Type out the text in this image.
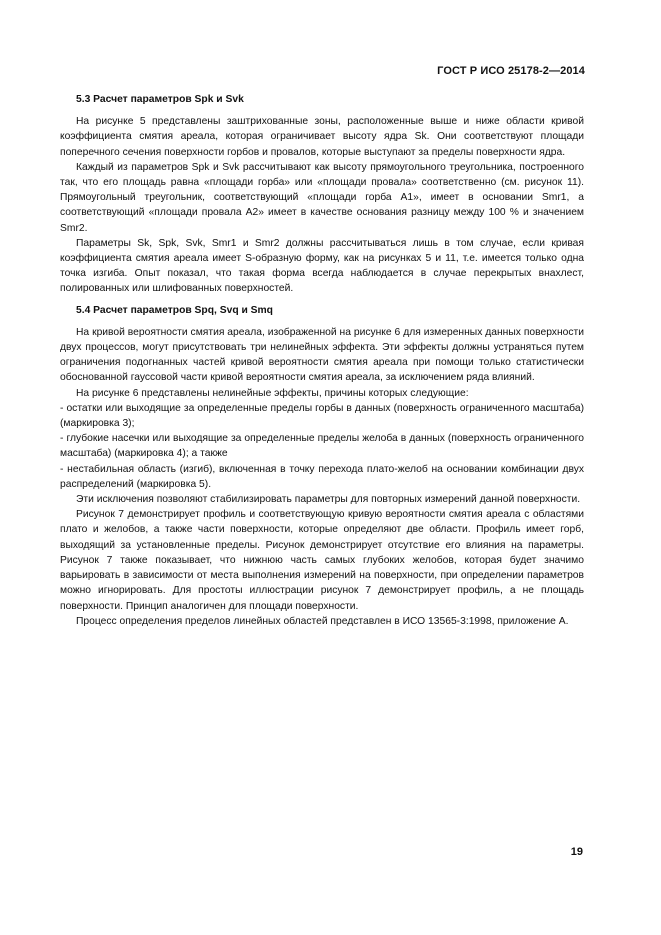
ГОСТ Р ИСО 25178-2—2014
5.3 Расчет параметров Spk и Svk

На рисунке 5 представлены заштрихованные зоны, расположенные выше и ниже области кривой коэффициента смятия ареала, которая ограничивает высоту ядра Sk. Они соответствуют площади поперечного сечения поверхности горбов и провалов, которые выступают за пределы поверхности ядра.

Каждый из параметров Spk и Svk рассчитывают как высоту прямоугольного треугольника, построенного так, что его площадь равна «площади горба» или «площади провала» соответственно (см. рисунок 11). Прямоугольный треугольник, соответствующий «площади горба A1», имеет в основании Smr1, а соответствующий «площади провала A2» имеет в качестве основания разницу между 100 % и значением Smr2.

Параметры Sk, Spk, Svk, Smr1 и Smr2 должны рассчитываться лишь в том случае, если кривая коэффициента смятия ареала имеет S-образную форму, как на рисунках 5 и 11, т.е. имеется только одна точка изгиба. Опыт показал, что такая форма всегда наблюдается в случае перекрытых внахлест, полированных или шлифованных поверхностей.

5.4 Расчет параметров Spq, Svq и Smq

На кривой вероятности смятия ареала, изображенной на рисунке 6 для измеренных данных поверхности двух процессов, могут присутствовать три нелинейных эффекта. Эти эффекты должны устраняться путем ограничения подогнанных частей кривой вероятности смятия ареала при помощи только статистически обоснованной гауссовой части кривой вероятности смятия ареала, за исключением ряда влияний.

На рисунке 6 представлены нелинейные эффекты, причины которых следующие:

- остатки или выходящие за определенные пределы горбы в данных (поверхность ограниченного масштаба) (маркировка 3);

- глубокие насечки или выходящие за определенные пределы желоба в данных (поверхность ограниченного масштаба) (маркировка 4); а также

- нестабильная область (изгиб), включенная в точку перехода плато-желоб на основании комбинации двух распределений (маркировка 5).

Эти исключения позволяют стабилизировать параметры для повторных измерений данной поверхности.

Рисунок 7 демонстрирует профиль и соответствующую кривую вероятности смятия ареала с областями плато и желобов, а также части поверхности, которые определяют две области. Профиль имеет горб, выходящий за установленные пределы. Рисунок демонстрирует отсутствие его влияния на параметры. Рисунок 7 также показывает, что нижнюю часть самых глубоких желобов, которая будет значимо варьировать в зависимости от места выполнения измерений на поверхности, при определении параметров можно игнорировать. Для простоты иллюстрации рисунок 7 демонстрирует профиль, а не площадь поверхности. Принцип аналогичен для площади поверхности.

Процесс определения пределов линейных областей представлен в ИСО 13565-3:1998, приложение А.

19
